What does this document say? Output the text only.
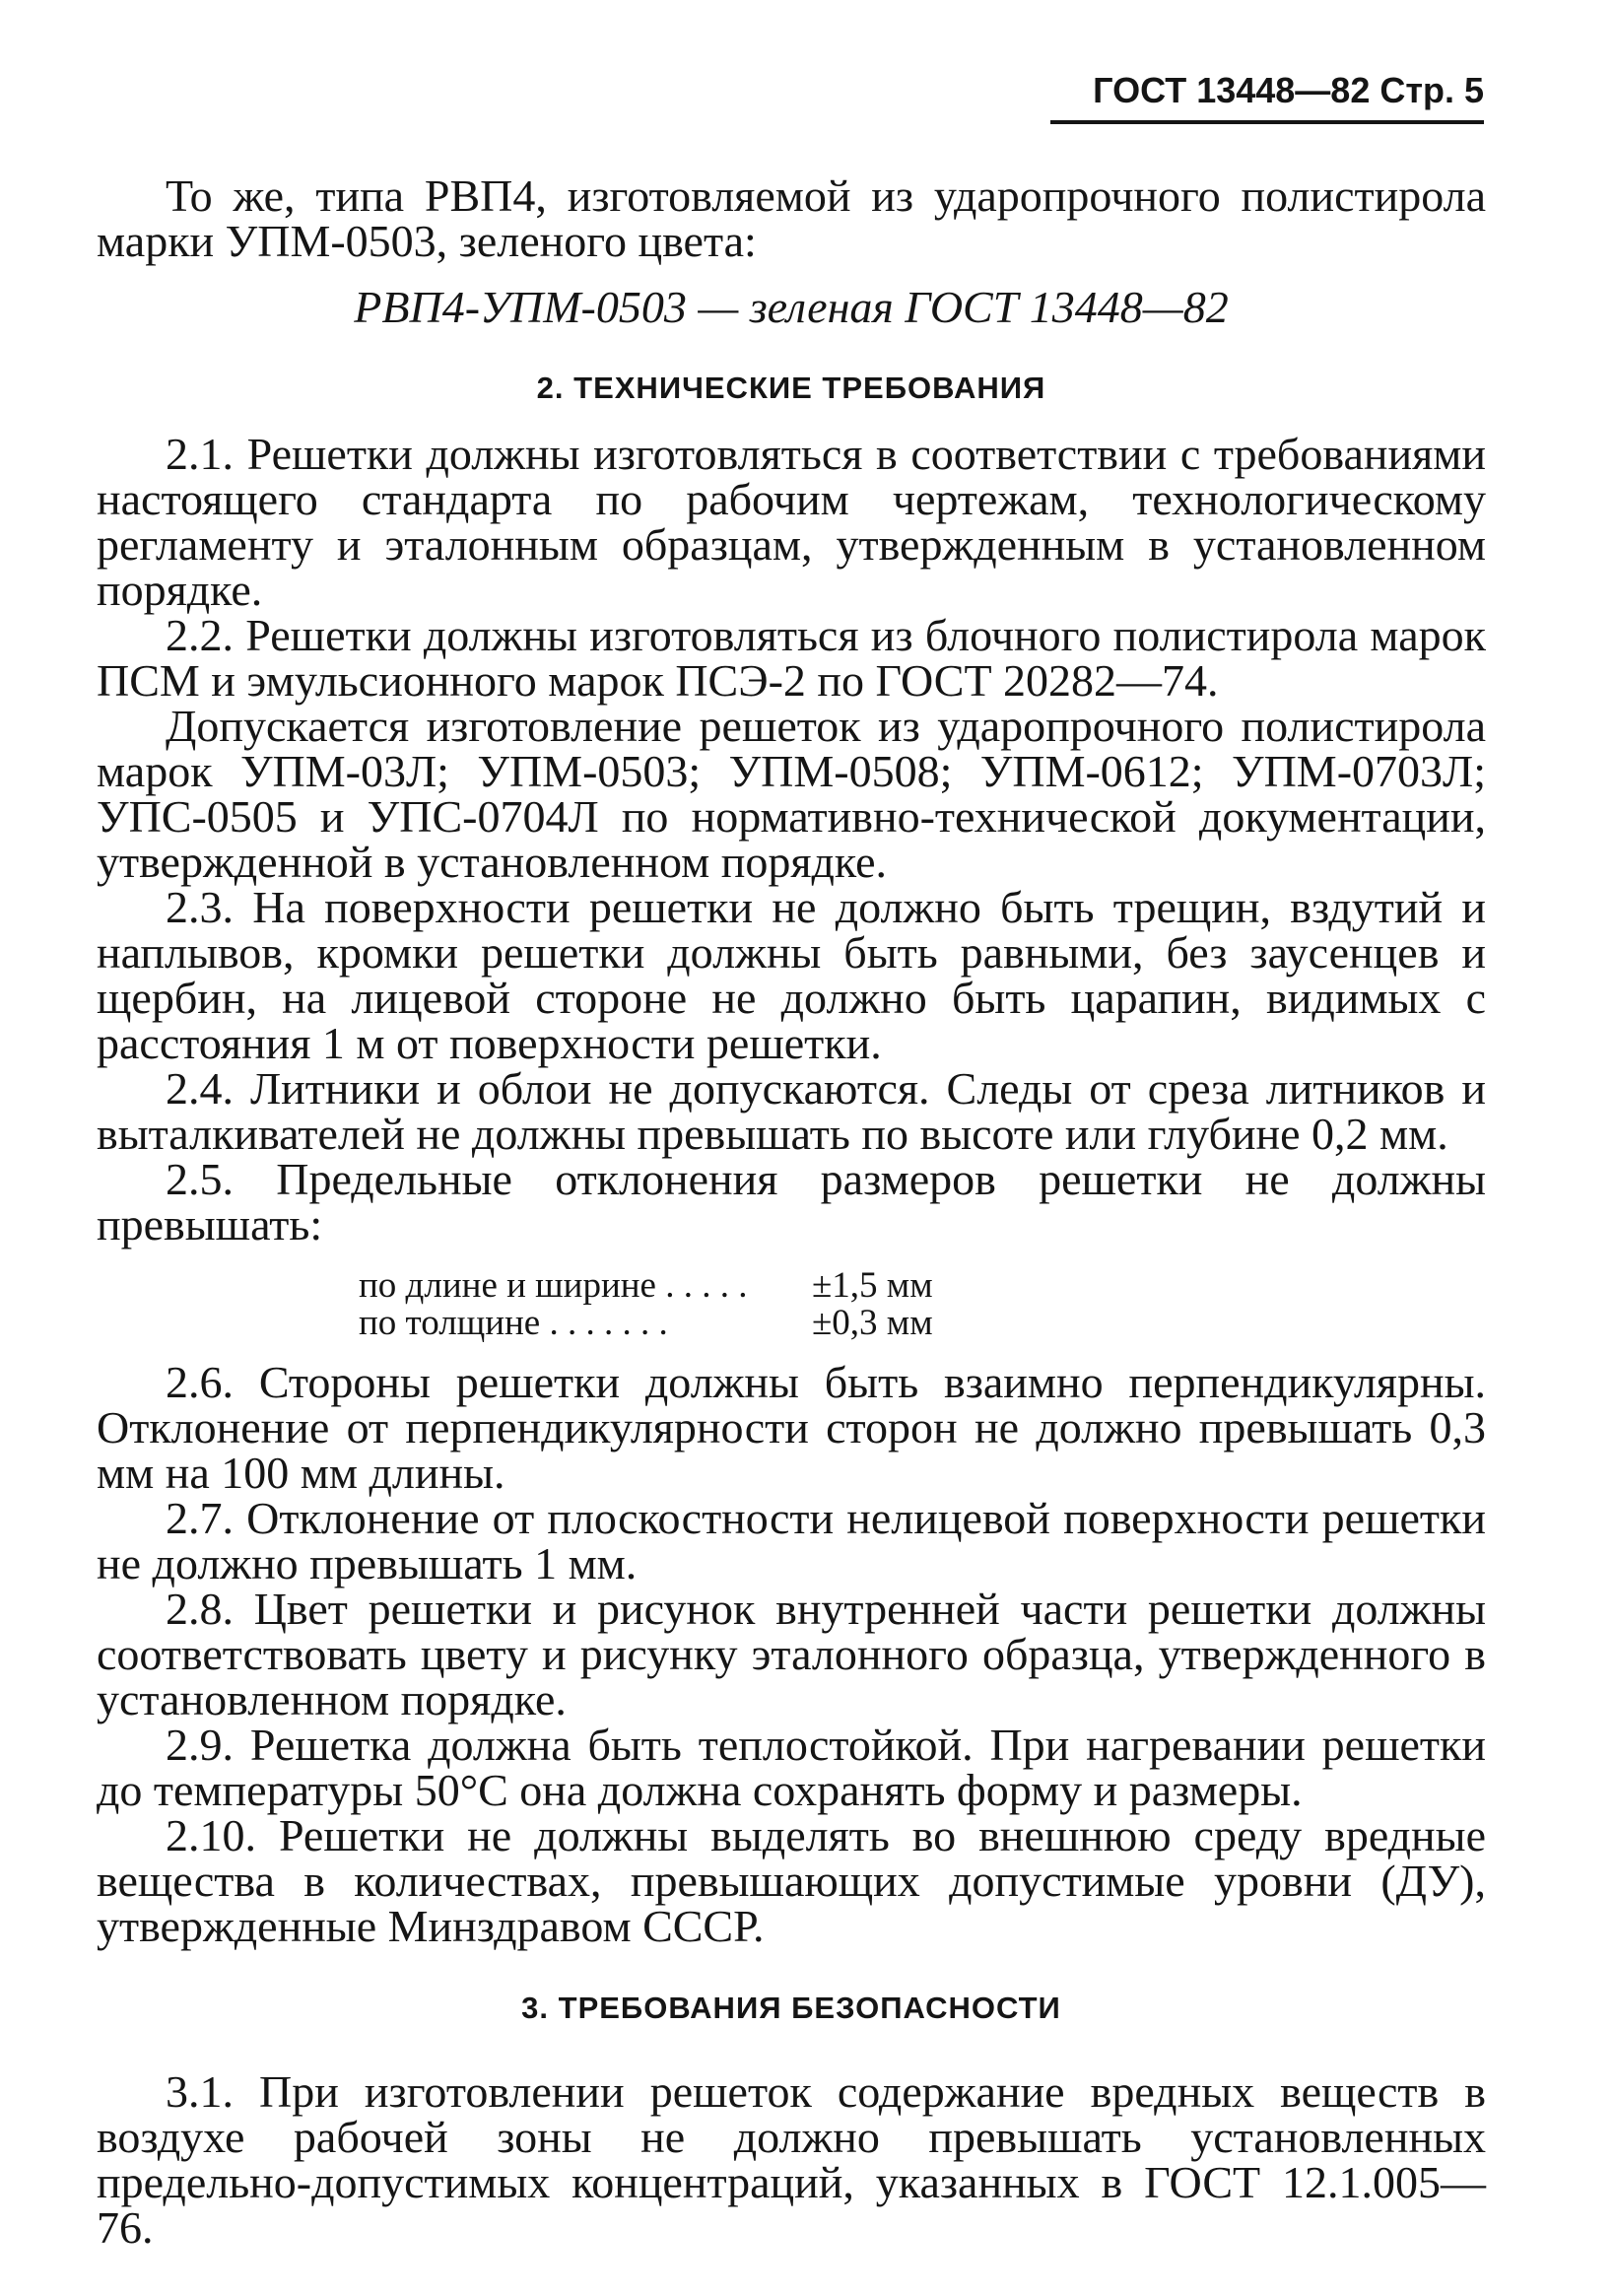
ГОСТ 13448—82 Стр. 5

То же, типа РВП4, изготовляемой из ударопрочного полистирола марки УПМ-0503, зеленого цвета:

РВП4-УПМ-0503 — зеленая ГОСТ 13448—82

2. ТЕХНИЧЕСКИЕ ТРЕБОВАНИЯ

2.1. Решетки должны изготовляться в соответствии с требованиями настоящего стандарта по рабочим чертежам, технологическому регламенту и эталонным образцам, утвержденным в установленном порядке.

2.2. Решетки должны изготовляться из блочного полистирола марок ПСМ и эмульсионного марок ПСЭ-2 по ГОСТ 20282—74.

Допускается изготовление решеток из ударопрочного полистирола марок УПМ-03Л; УПМ-0503; УПМ-0508; УПМ-0612; УПМ-0703Л; УПС-0505 и УПС-0704Л по нормативно-технической документации, утвержденной в установленном порядке.

2.3. На поверхности решетки не должно быть трещин, вздутий и наплывов, кромки решетки должны быть равными, без заусенцев и щербин, на лицевой стороне не должно быть царапин, видимых с расстояния 1 м от поверхности решетки.

2.4. Литники и облои не допускаются. Следы от среза литников и выталкивателей не должны превышать по высоте или глубине 0,2 мм.

2.5. Предельные отклонения размеров решетки не должны превышать:

по длине и ширине . . . . .	±1,5 мм
по толщине . . . . . . .	±0,3 мм

2.6. Стороны решетки должны быть взаимно перпендикулярны. Отклонение от перпендикулярности сторон не должно превышать 0,3 мм на 100 мм длины.

2.7. Отклонение от плоскостности нелицевой поверхности решетки не должно превышать 1 мм.

2.8. Цвет решетки и рисунок внутренней части решетки должны соответствовать цвету и рисунку эталонного образца, утвержденного в установленном порядке.

2.9. Решетка должна быть теплостойкой. При нагревании решетки до температуры 50°С она должна сохранять форму и размеры.

2.10. Решетки не должны выделять во внешнюю среду вредные вещества в количествах, превышающих допустимые уровни (ДУ), утвержденные Минздравом СССР.

3. ТРЕБОВАНИЯ БЕЗОПАСНОСТИ

3.1. При изготовлении решеток содержание вредных веществ в воздухе рабочей зоны не должно превышать установленных предельно-допустимых концентраций, указанных в ГОСТ 12.1.005—76.
